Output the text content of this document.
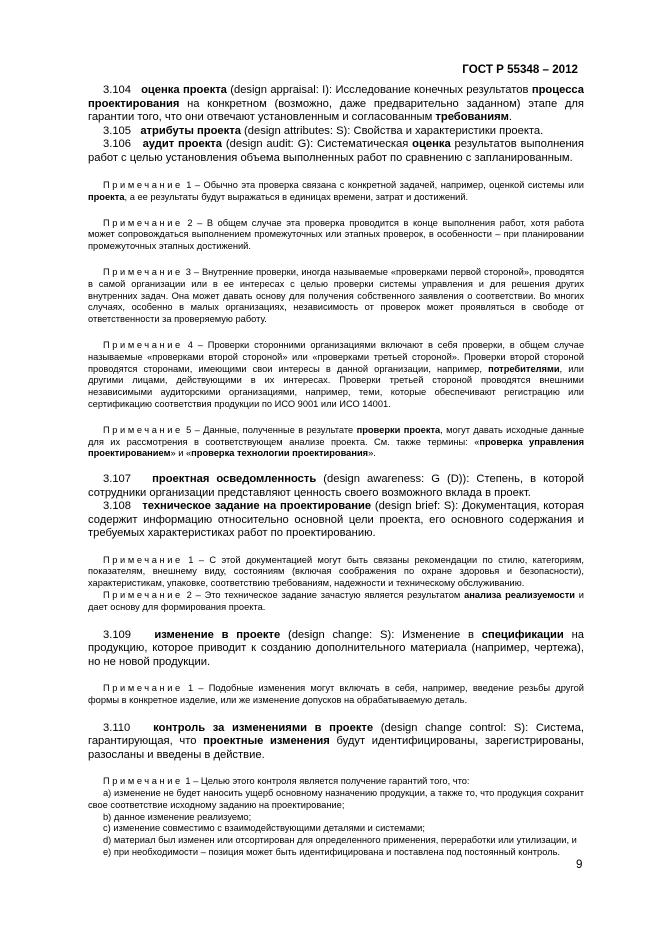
ГОСТ Р 55348 – 2012

3.104 оценка проекта (design appraisal: I): Исследование конечных результатов процесса проектирования на конкретном (возможно, даже предварительно заданном) этапе для гарантии того, что они отвечают установленным и согласованным требованиям.

3.105 атрибуты проекта (design attributes: S): Свойства и характеристики проекта.

3.106 аудит проекта (design audit: G): Систематическая оценка результатов выполнения работ с целью установления объема выполненных работ по сравнению с запланированным.

Примечание 1 – Обычно эта проверка связана с конкретной задачей, например, оценкой системы или проекта, а ее результаты будут выражаться в единицах времени, затрат и достижений.

Примечание 2 – В общем случае эта проверка проводится в конце выполнения работ, хотя работа может сопровождаться выполнением промежуточных или этапных проверок, в особенности – при планировании промежуточных этапных достижений.

Примечание 3 – Внутренние проверки, иногда называемые «проверками первой стороной», проводятся в самой организации или в ее интересах с целью проверки системы управления и для решения других внутренних задач. Она может давать основу для получения собственного заявления о соответствии. Во многих случаях, особенно в малых организациях, независимость от проверок может проявляться в свободе от ответственности за проверяемую работу.

Примечание 4 – Проверки сторонними организациями включают в себя проверки, в общем случае называемые «проверками второй стороной» или «проверками третьей стороной». Проверки второй стороной проводятся сторонами, имеющими свои интересы в данной организации, например, потребителями, или другими лицами, действующими в их интересах. Проверки третьей стороной проводятся внешними независимыми аудиторскими организациями, например, теми, которые обеспечивают регистрацию или сертификацию соответствия продукции по ИСО 9001 или ИСО 14001.

Примечание 5 – Данные, полученные в результате проверки проекта, могут давать исходные данные для их рассмотрения в соответствующем анализе проекта. См. также термины: «проверка управления проектированием» и «проверка технологии проектирования».

3.107 проектная осведомленность (design awareness: G (D)): Степень, в которой сотрудники организации представляют ценность своего возможного вклада в проект.

3.108 техническое задание на проектирование (design brief: S): Документация, которая содержит информацию относительно основной цели проекта, его основного содержания и требуемых характеристиках работ по проектированию.

Примечание 1 – С этой документацией могут быть связаны рекомендации по стилю, категориям, показателям, внешнему виду, состояниям (включая соображения по охране здоровья и безопасности), характеристикам, упаковке, соответствию требованиям, надежности и техническому обслуживанию.

Примечание 2 – Это техническое задание зачастую является результатом анализа реализуемости и дает основу для формирования проекта.

3.109 изменение в проекте (design change: S): Изменение в спецификации на продукцию, которое приводит к созданию дополнительного материала (например, чертежа), но не новой продукции.

Примечание 1 – Подобные изменения могут включать в себя, например, введение резьбы другой формы в конкретное изделие, или же изменение допусков на обрабатываемую деталь.

3.110 контроль за изменениями в проекте (design change control: S): Система, гарантирующая, что проектные изменения будут идентифицированы, зарегистрированы, разосланы и введены в действие.

Примечание 1 – Целью этого контроля является получение гарантий того, что:

а) изменение не будет наносить ущерб основному назначению продукции, а также то, что продукция сохранит свое соответствие исходному заданию на проектирование;

b) данное изменение реализуемо;

c) изменение совместимо с взаимодействующими деталями и системами;

d) материал был изменен или отсортирован для определенного применения, переработки или утилизации, и

e) при необходимости – позиция может быть идентифицирована и поставлена под постоянный контроль.

9
